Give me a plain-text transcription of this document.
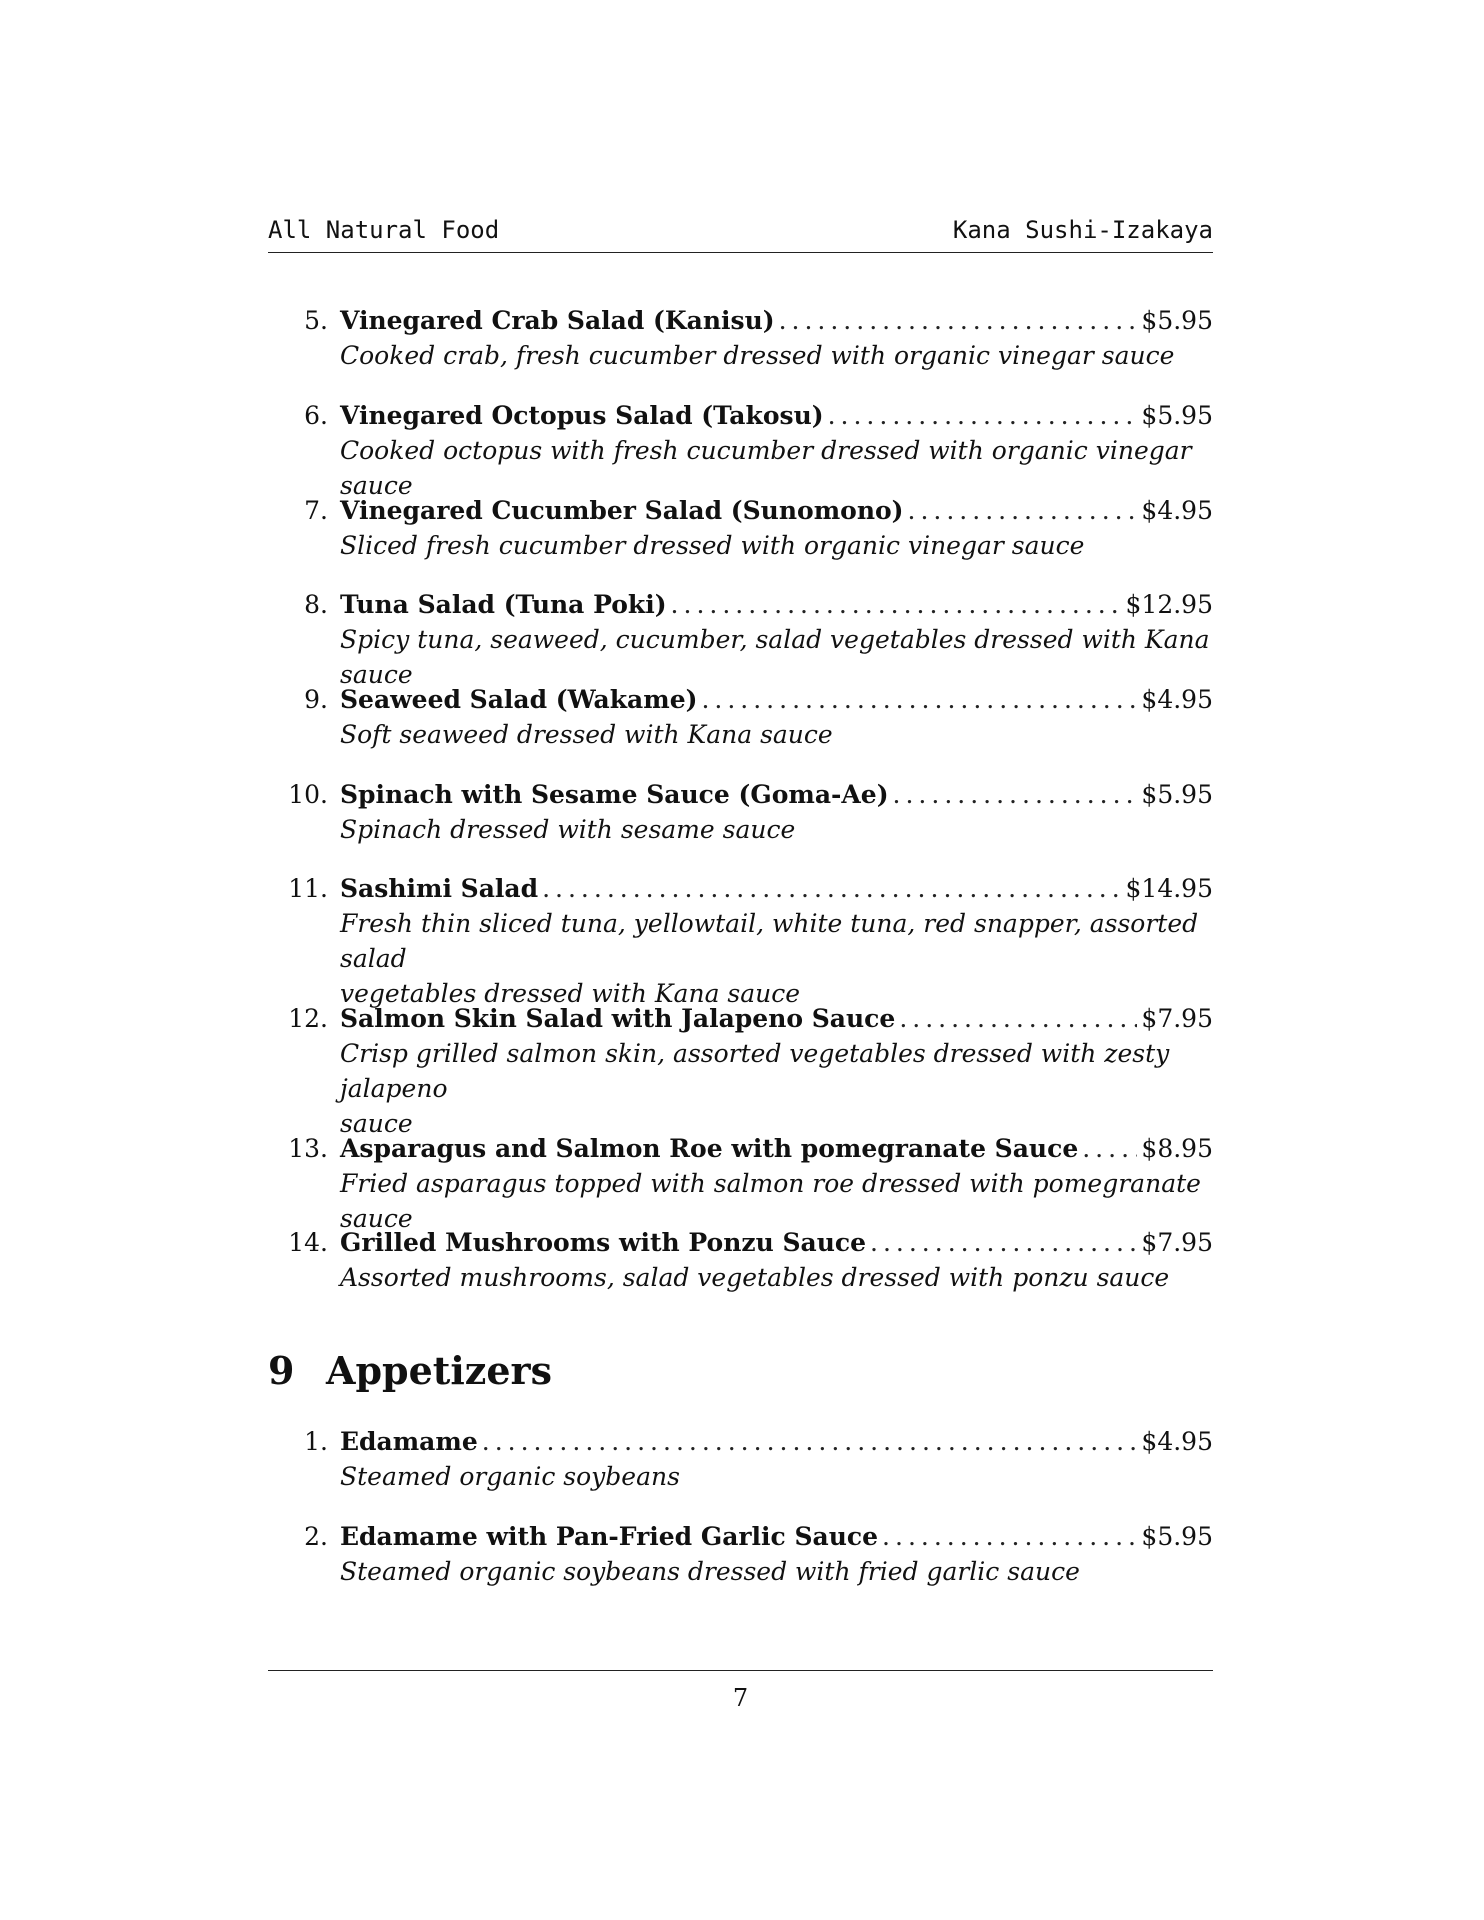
All Natural Food	Kana Sushi-Izakaya
5. Vinegared Crab Salad (Kanisu) .....	$5.95
Cooked crab, fresh cucumber dressed with organic vinegar sauce
6. Vinegared Octopus Salad (Takosu) .....	$5.95
Cooked octopus with fresh cucumber dressed with organic vinegar sauce
7. Vinegared Cucumber Salad (Sunomono) .....	$4.95
Sliced fresh cucumber dressed with organic vinegar sauce
8. Tuna Salad (Tuna Poki) .....	$12.95
Spicy tuna, seaweed, cucumber, salad vegetables dressed with Kana sauce
9. Seaweed Salad (Wakame) .....	$4.95
Soft seaweed dressed with Kana sauce
10. Spinach with Sesame Sauce (Goma-Ae) .....	$5.95
Spinach dressed with sesame sauce
11. Sashimi Salad .....	$14.95
Fresh thin sliced tuna, yellowtail, white tuna, red snapper, assorted salad
vegetables dressed with Kana sauce
12. Salmon Skin Salad with Jalapeno Sauce .....	$7.95
Crisp grilled salmon skin, assorted vegetables dressed with zesty jalapeno
sauce
13. Asparagus and Salmon Roe with pomegranate Sauce .....	$8.95
Fried asparagus topped with salmon roe dressed with pomegranate sauce
14. Grilled Mushrooms with Ponzu Sauce .....	$7.95
Assorted mushrooms, salad vegetables dressed with ponzu sauce
9 Appetizers
1. Edamame .....	$4.95
Steamed organic soybeans
2. Edamame with Pan-Fried Garlic Sauce .....	$5.95
Steamed organic soybeans dressed with fried garlic sauce
7
